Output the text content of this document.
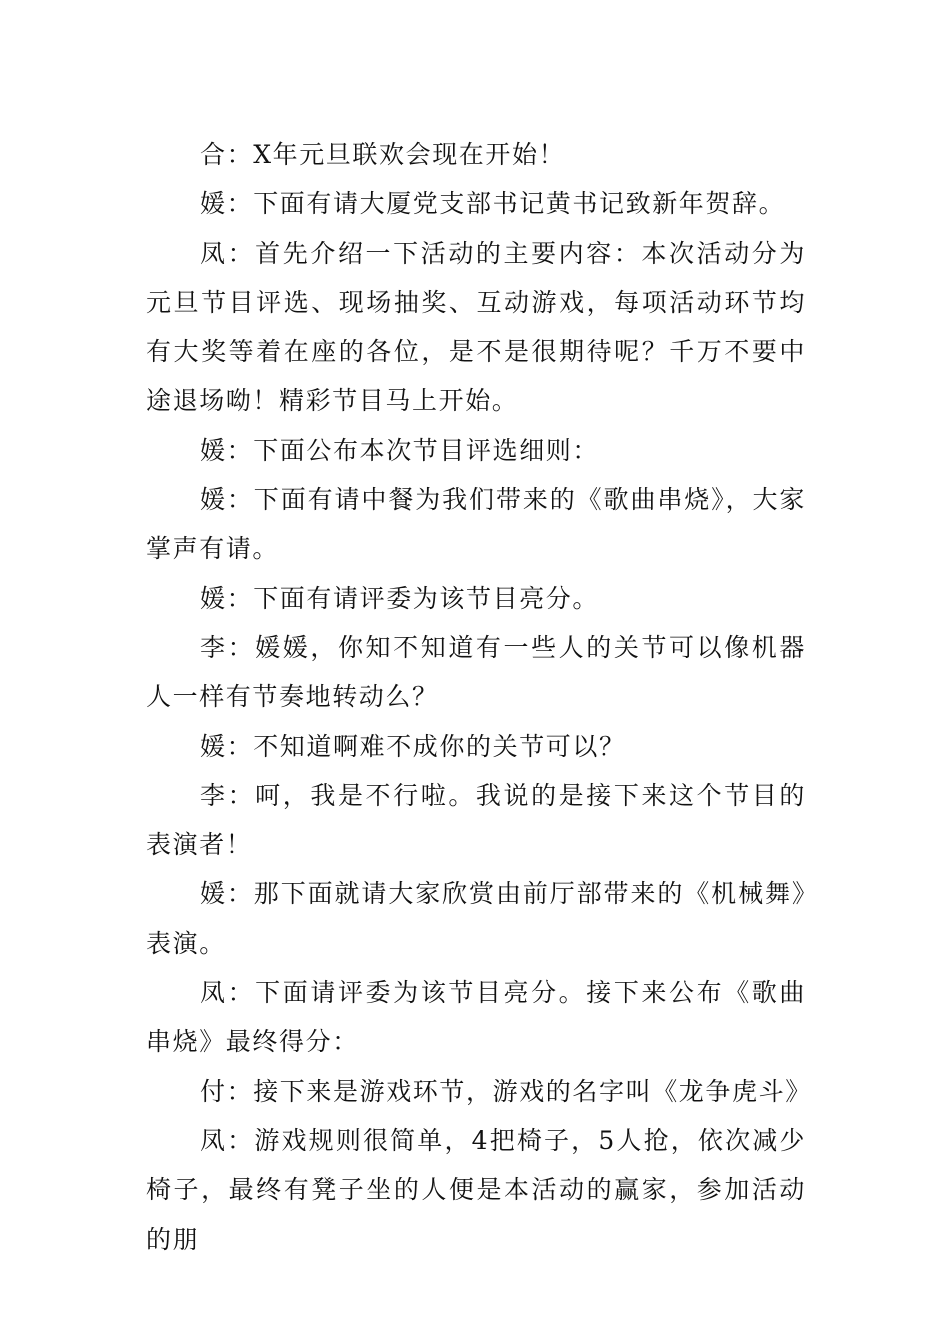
合：X年元旦联欢会现在开始！

媛：下面有请大厦党支部书记黄书记致新年贺辞。

凤：首先介绍一下活动的主要内容：本次活动分为元旦节目评选、现场抽奖、互动游戏，每项活动环节均有大奖等着在座的各位，是不是很期待呢？千万不要中途退场呦！精彩节目马上开始。

媛：下面公布本次节目评选细则：

媛：下面有请中餐为我们带来的《歌曲串烧》，大家掌声有请。

媛：下面有请评委为该节目亮分。

李：媛媛，你知不知道有一些人的关节可以像机器人一样有节奏地转动么？

媛：不知道啊难不成你的关节可以？

李：呵，我是不行啦。我说的是接下来这个节目的表演者！

媛：那下面就请大家欣赏由前厅部带来的《机械舞》表演。

凤：下面请评委为该节目亮分。接下来公布《歌曲串烧》最终得分：

付：接下来是游戏环节，游戏的名字叫《龙争虎斗》

凤：游戏规则很简单，4把椅子，5人抢，依次减少椅子，最终有凳子坐的人便是本活动的赢家，参加活动的朋
